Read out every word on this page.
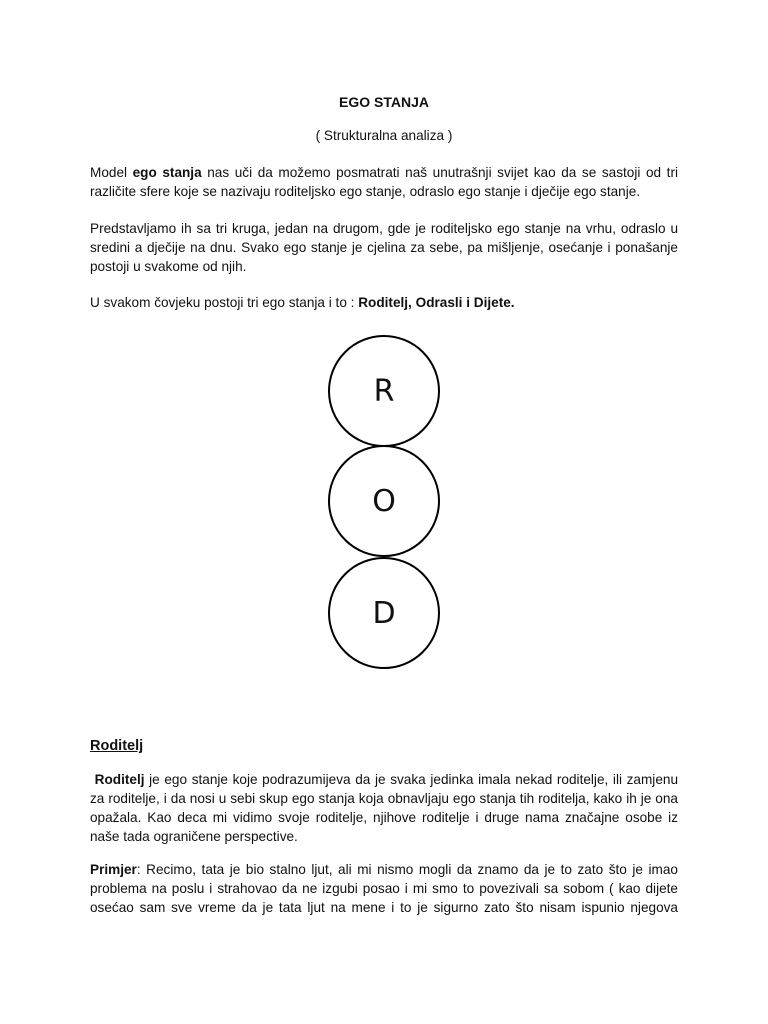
EGO STANJA
( Strukturalna analiza )

Model ego stanja nas uči da možemo posmatrati naš unutrašnji svijet kao da se sastoji od tri različite sfere koje se nazivaju roditeljsko ego stanje, odraslo ego stanje i dječije ego stanje.

Predstavljamo ih sa tri kruga, jedan na drugom, gde je roditeljsko ego stanje na vrhu, odraslo u sredini a dječije na dnu. Svako ego stanje je cjelina za sebe, pa mišljenje, osećanje i ponašanje postoji u svakome od njih.

U svakom čovjeku postoji tri ego stanja i to : Roditelj, Odrasli i Dijete.

Roditelj

Roditelj je ego stanje koje podrazumijeva da je svaka jedinka imala nekad roditelje, ili zamjenu za roditelje, i da nosi u sebi skup ego stanja koja obnavljaju ego stanja tih roditelja, kako ih je ona opažala. Kao deca mi vidimo svoje roditelje, njihove roditelje i druge nama značajne osobe iz naše tada ograničene perspective.

Primjer: Recimo, tata je bio stalno ljut, ali mi nismo mogli da znamo da je to zato što je imao problema na poslu i strahovao da ne izgubi posao i mi smo to povezivali sa sobom ( kao dijete osećao sam sve vreme da je tata ljut na mene i to je sigurno zato što nisam ispunio njegova

R
O
D
